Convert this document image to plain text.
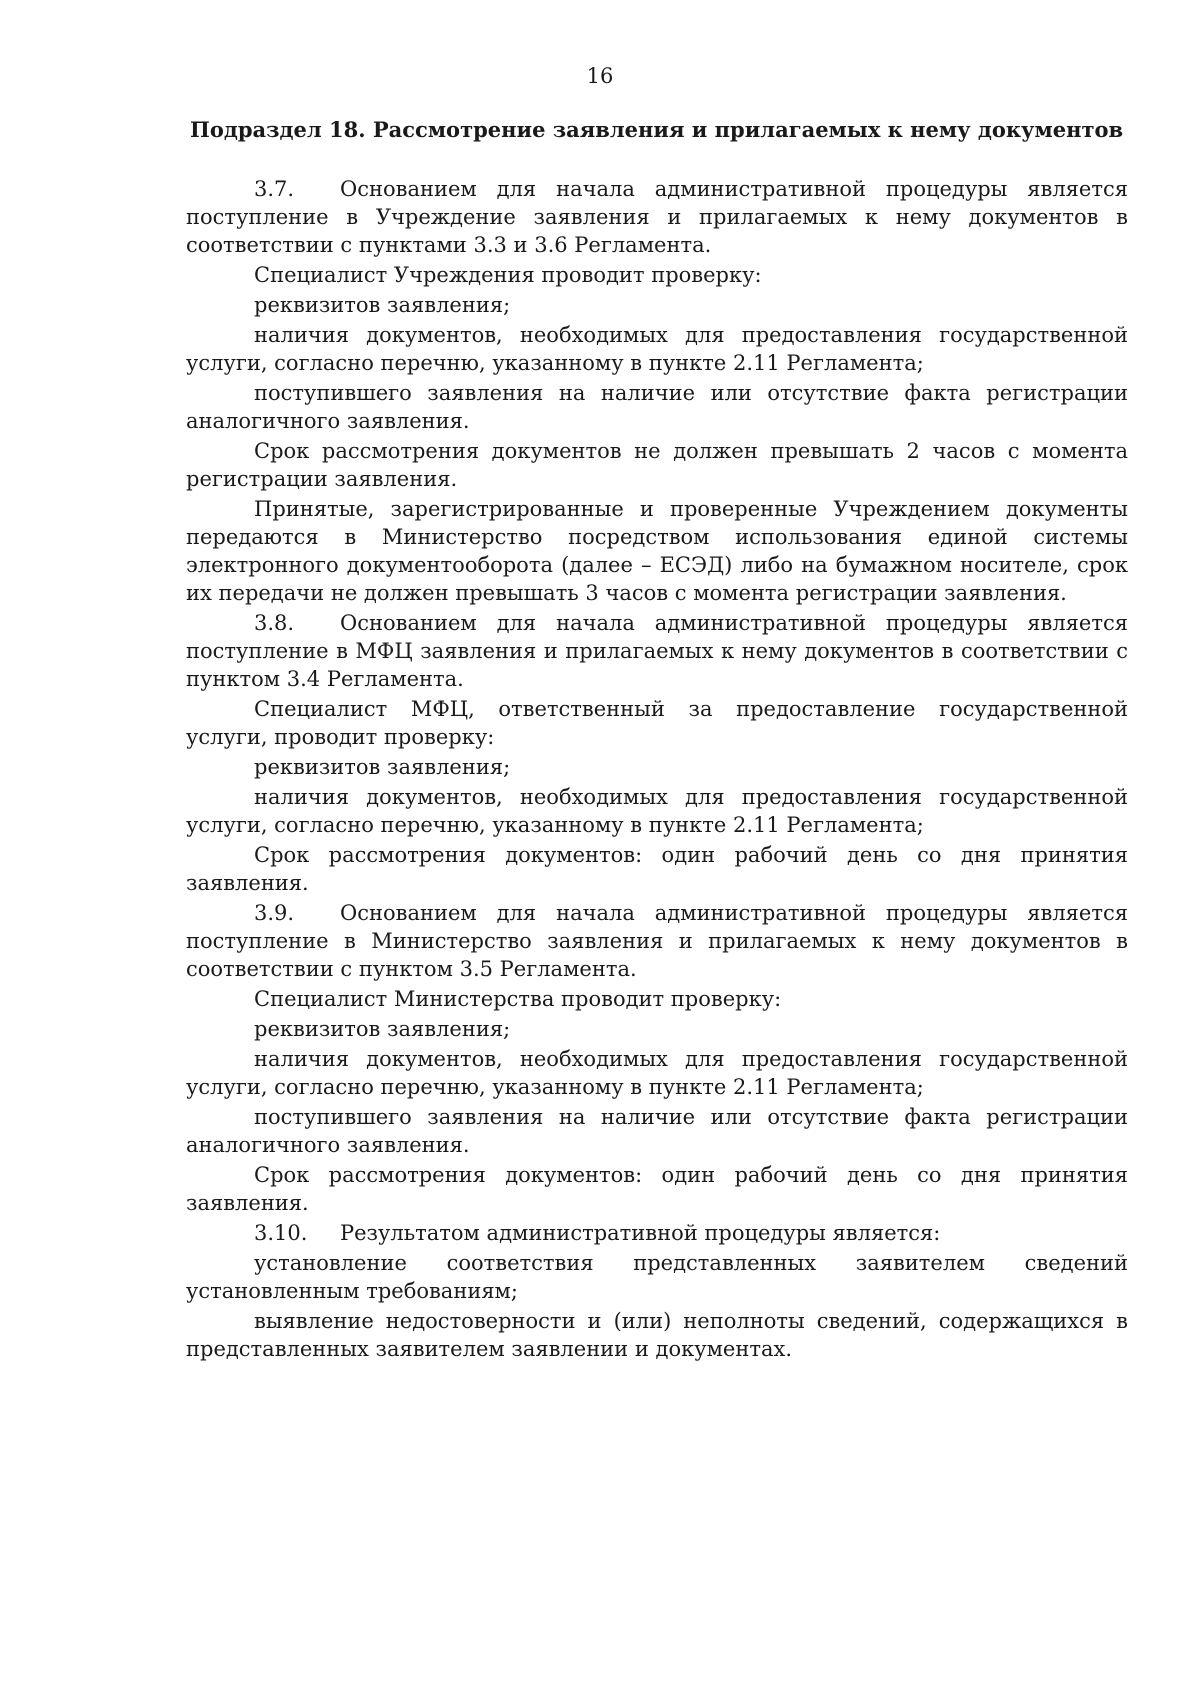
16
Подраздел 18. Рассмотрение заявления и прилагаемых к нему документов

3.7. Основанием для начала административной процедуры является поступление в Учреждение заявления и прилагаемых к нему документов в соответствии с пунктами 3.3 и 3.6 Регламента.

Специалист Учреждения проводит проверку:

реквизитов заявления;

наличия документов, необходимых для предоставления государственной услуги, согласно перечню, указанному в пункте 2.11 Регламента;

поступившего заявления на наличие или отсутствие факта регистрации аналогичного заявления.

Срок рассмотрения документов не должен превышать 2 часов с момента регистрации заявления.

Принятые, зарегистрированные и проверенные Учреждением документы передаются в Министерство посредством использования единой системы электронного документооборота (далее – ЕСЭД) либо на бумажном носителе, срок их передачи не должен превышать 3 часов с момента регистрации заявления.

3.8. Основанием для начала административной процедуры является поступление в МФЦ заявления и прилагаемых к нему документов в соответствии с пунктом 3.4 Регламента.

Специалист МФЦ, ответственный за предоставление государственной услуги, проводит проверку:

реквизитов заявления;

наличия документов, необходимых для предоставления государственной услуги, согласно перечню, указанному в пункте 2.11 Регламента;

Срок рассмотрения документов: один рабочий день со дня принятия заявления.

3.9. Основанием для начала административной процедуры является поступление в Министерство заявления и прилагаемых к нему документов в соответствии с пунктом 3.5 Регламента.

Специалист Министерства проводит проверку:

реквизитов заявления;

наличия документов, необходимых для предоставления государственной услуги, согласно перечню, указанному в пункте 2.11 Регламента;

поступившего заявления на наличие или отсутствие факта регистрации аналогичного заявления.

Срок рассмотрения документов: один рабочий день со дня принятия заявления.

3.10. Результатом административной процедуры является:

установление соответствия представленных заявителем сведений установленным требованиям;

выявление недостоверности и (или) неполноты сведений, содержащихся в представленных заявителем заявлении и документах.
